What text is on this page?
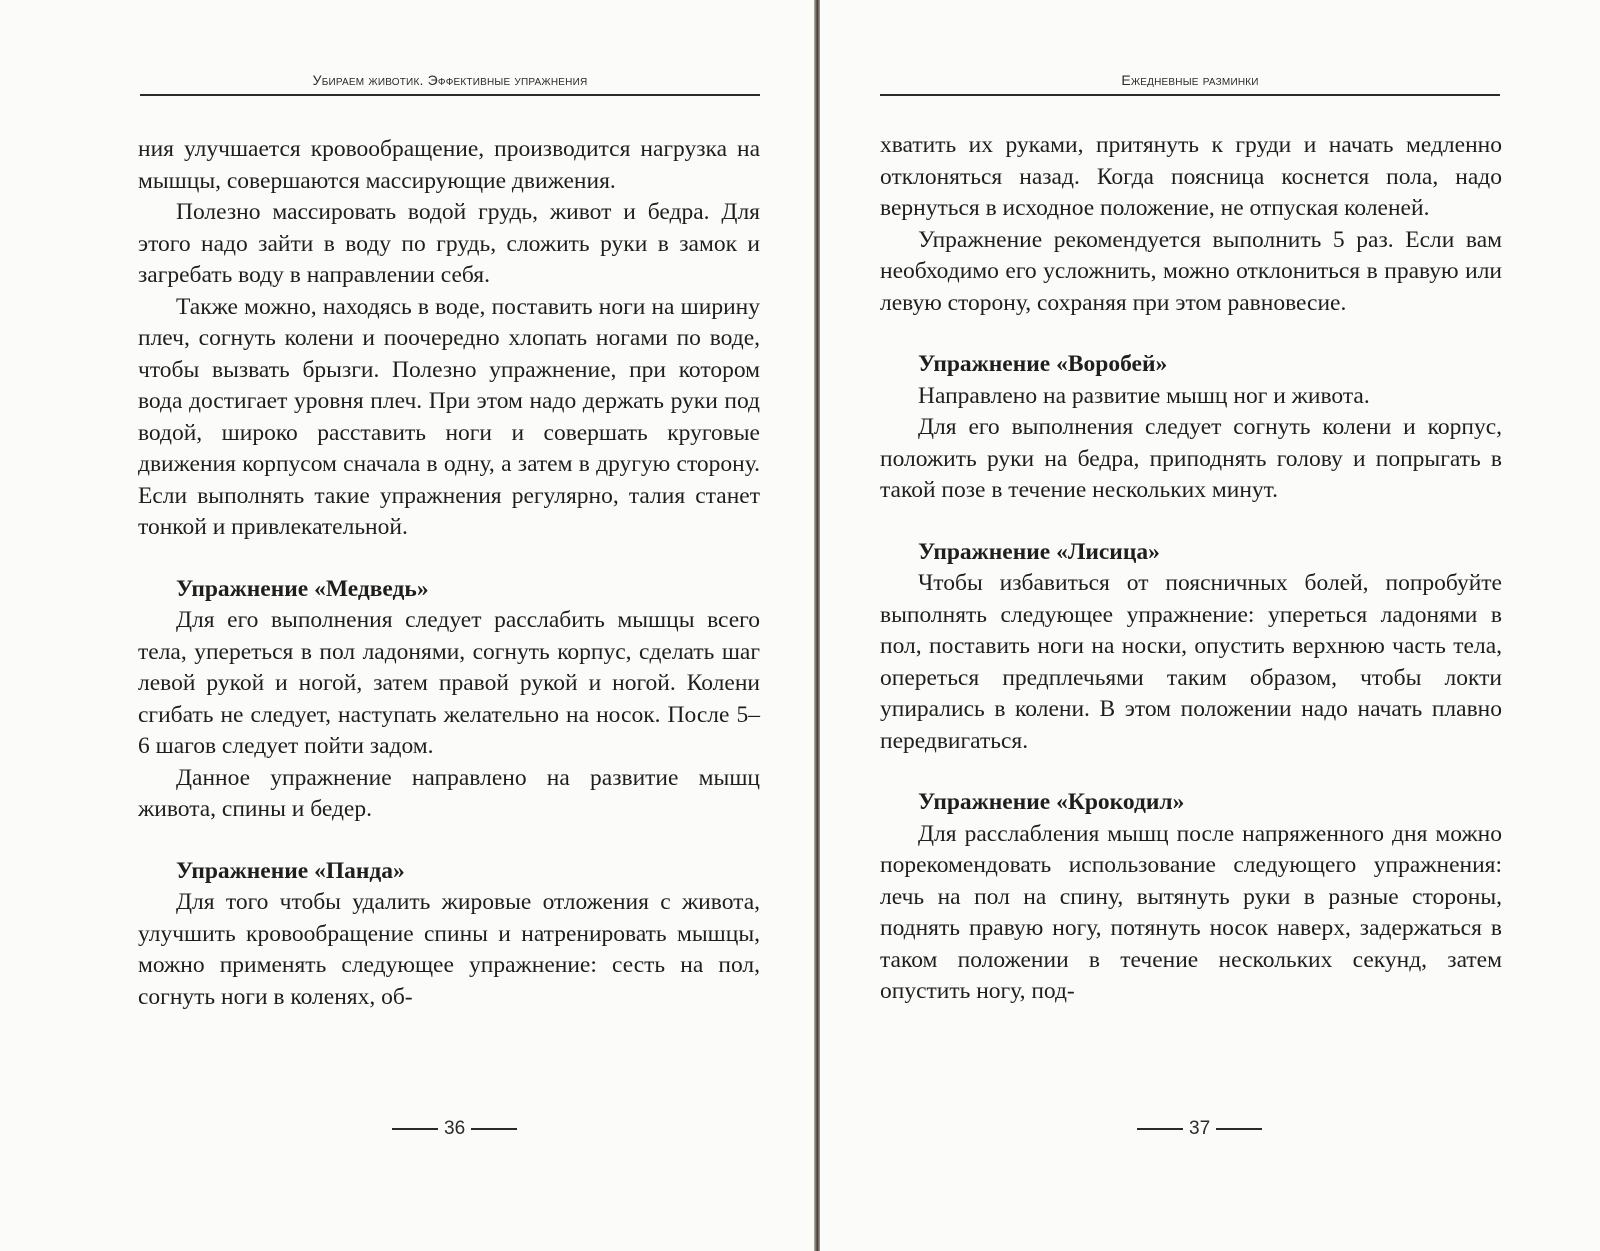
Убираем животик. Эффективные упражнения

ния улучшается кровообращение, производится нагрузка на мышцы, совершаются массирующие движения.

Полезно массировать водой грудь, живот и бедра. Для этого надо зайти в воду по грудь, сложить руки в замок и загребать воду в направлении себя.

Также можно, находясь в воде, поставить ноги на ширину плеч, согнуть колени и поочередно хлопать ногами по воде, чтобы вызвать брызги. Полезно упражнение, при котором вода достигает уровня плеч. При этом надо держать руки под водой, широко расставить ноги и совершать круговые движения корпусом сначала в одну, а затем в другую сторону. Если выполнять такие упражнения регулярно, талия станет тонкой и привлекательной.

Упражнение «Медведь»

Для его выполнения следует расслабить мышцы всего тела, упереться в пол ладонями, согнуть корпус, сделать шаг левой рукой и ногой, затем правой рукой и ногой. Колени сгибать не следует, наступать желательно на носок. После 5–6 шагов следует пойти задом.

Данное упражнение направлено на развитие мышц живота, спины и бедер.

Упражнение «Панда»

Для того чтобы удалить жировые отложения с живота, улучшить кровообращение спины и натренировать мышцы, можно применять следующее упражнение: сесть на пол, согнуть ноги в коленях, об-

36
Ежедневные разминки

хватить их руками, притянуть к груди и начать медленно отклоняться назад. Когда поясница коснется пола, надо вернуться в исходное положение, не отпуская коленей.

Упражнение рекомендуется выполнить 5 раз. Если вам необходимо его усложнить, можно отклониться в правую или левую сторону, сохраняя при этом равновесие.

Упражнение «Воробей»

Направлено на развитие мышц ног и живота.

Для его выполнения следует согнуть колени и корпус, положить руки на бедра, приподнять голову и попрыгать в такой позе в течение нескольких минут.

Упражнение «Лисица»

Чтобы избавиться от поясничных болей, попробуйте выполнять следующее упражнение: упереться ладонями в пол, поставить ноги на носки, опустить верхнюю часть тела, опереться предплечьями таким образом, чтобы локти упирались в колени. В этом положении надо начать плавно передвигаться.

Упражнение «Крокодил»

Для расслабления мышц после напряженного дня можно порекомендовать использование следующего упражнения: лечь на пол на спину, вытянуть руки в разные стороны, поднять правую ногу, потянуть носок наверх, задержаться в таком положении в течение нескольких секунд, затем опустить ногу, под-

37
